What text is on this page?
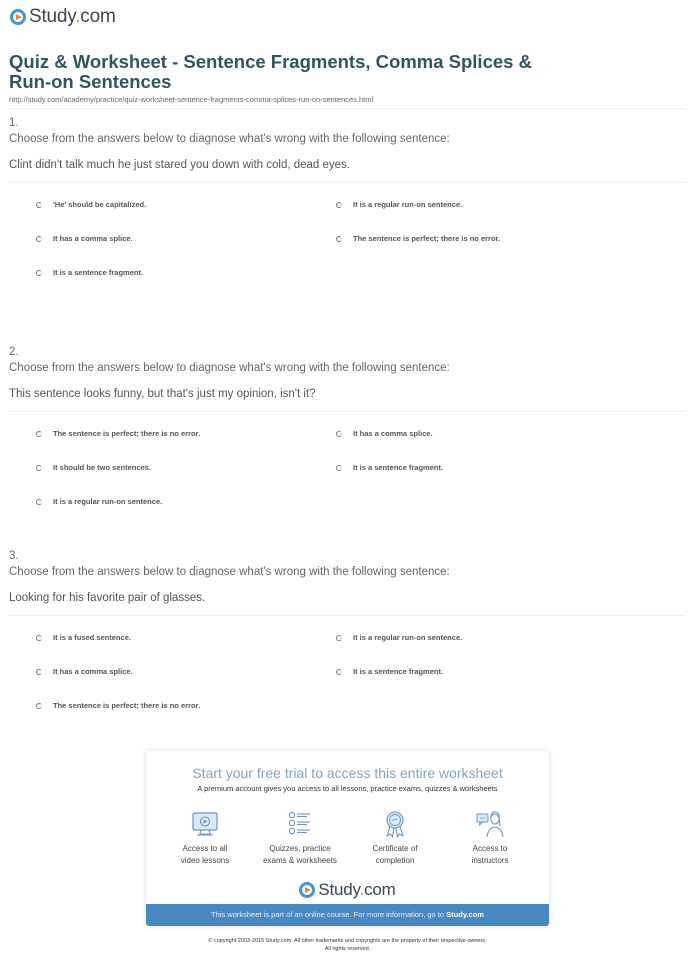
Study.com
Quiz & Worksheet - Sentence Fragments, Comma Splices & Run-on Sentences
http://study.com/academy/practice/quiz-worksheet-sentence-fragments-comma-splices-run-on-sentences.html
1.
Choose from the answers below to diagnose what's wrong with the following sentence:
Clint didn't talk much he just stared you down with cold, dead eyes.
'He' should be capitalized.	It is a regular run-on sentence.
It has a comma splice.	The sentence is perfect; there is no error.
It is a sentence fragment.
2.
Choose from the answers below to diagnose what's wrong with the following sentence:
This sentence looks funny, but that's just my opinion, isn't it?
The sentence is perfect; there is no error.	It has a comma splice.
It should be two sentences.	It is a sentence fragment.
It is a regular run-on sentence.
3.
Choose from the answers below to diagnose what's wrong with the following sentence:
Looking for his favorite pair of glasses.
It is a fused sentence.	It is a regular run-on sentence.
It has a comma splice.	It is a sentence fragment.
The sentence is perfect; there is no error.
Start your free trial to access this entire worksheet
A premium account gives you access to all lessons, practice exams, quizzes & worksheets
Access to all
video lessons
Quizzes, practice
exams & worksheets
Certificate of
completion
Access to
instructors
Study.com
This worksheet is part of an online course. For more information, go to Study.com
© copyright 2003-2015 Study.com. All other trademarks and copyrights are the property of their respective owners.
All rights reserved.
